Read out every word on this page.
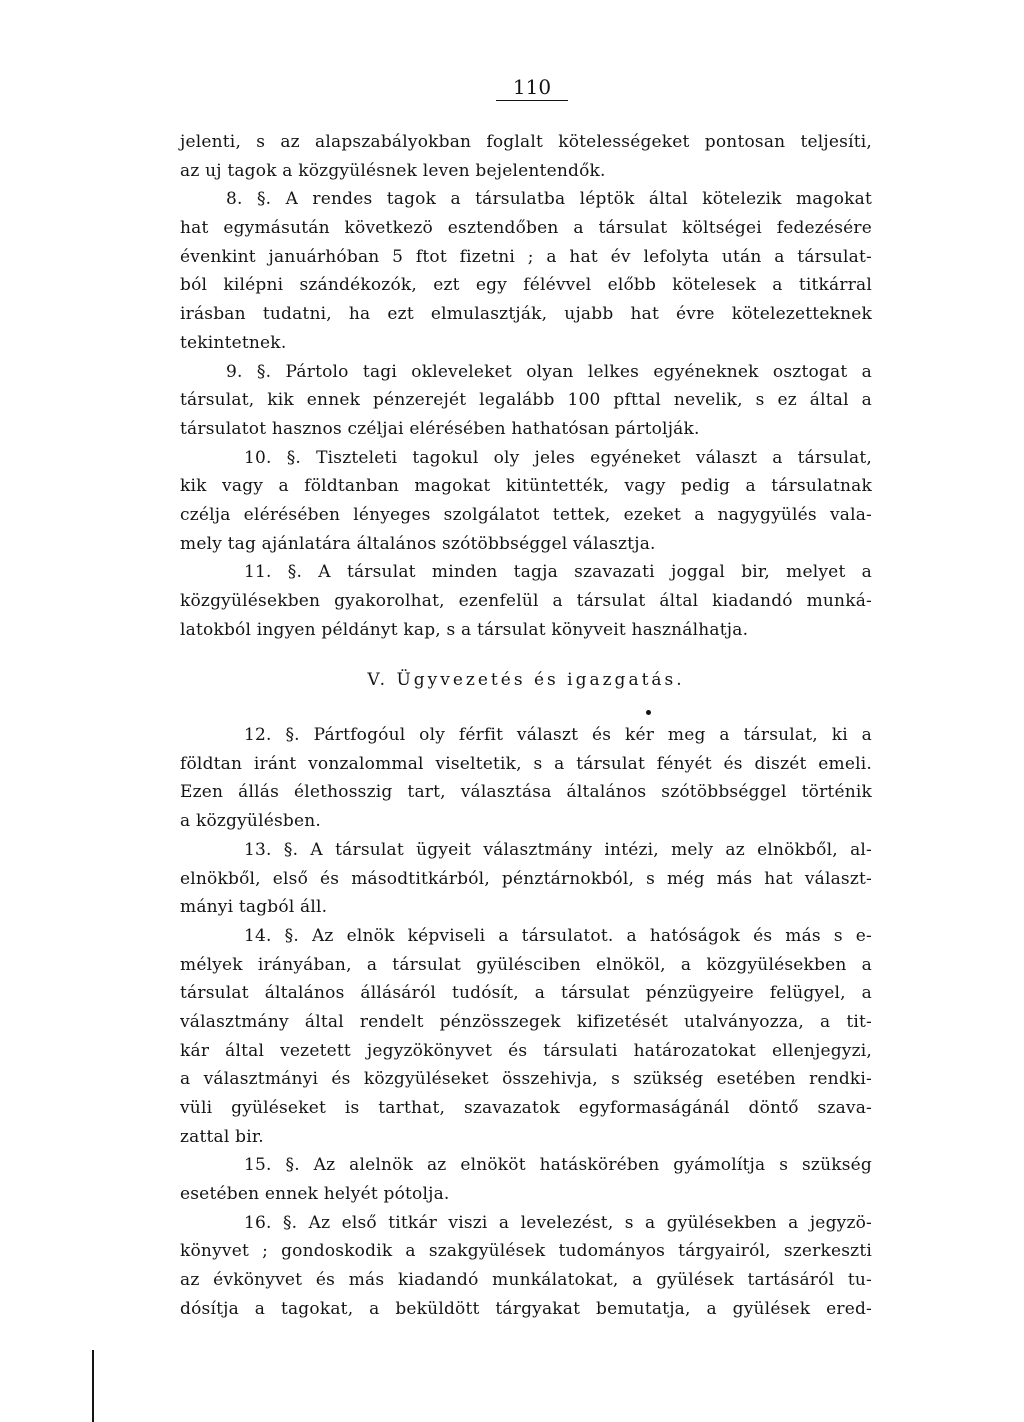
110
jelenti, s az alapszabályokban foglalt kötelességeket pontosan teljesíti,
az uj tagok a közgyülésnek leven bejelentendők.
8. §. A rendes tagok a társulatba léptök által kötelezik magokat
hat egymásután következö esztendőben a társulat költségei fedezésére
évenkint januárhóban 5 ftot fizetni ; a hat év lefolyta után a társulat-
ból kilépni szándékozók, ezt egy félévvel előbb kötelesek a titkárral
irásban tudatni, ha ezt elmulasztják, ujabb hat évre kötelezetteknek
tekintetnek.
9. §. Pártolo tagi okleveleket olyan lelkes egyéneknek osztogat a
társulat, kik ennek pénzerejét legalább 100 pfttal nevelik, s ez által a
társulatot hasznos czéljai elérésében hathatósan pártolják.
10. §. Tiszteleti tagokul oly jeles egyéneket választ a társulat,
kik vagy a földtanban magokat kitüntették, vagy pedig a társulatnak
czélja elérésében lényeges szolgálatot tettek, ezeket a nagygyülés vala-
mely tag ajánlatára általános szótöbbséggel választja.
11. §. A társulat minden tagja szavazati joggal bir, melyet a
közgyülésekben gyakorolhat, ezenfelül a társulat által kiadandó munká-
latokból ingyen példányt kap, s a társulat könyveit használhatja.
V. Ügyvezetés és igazgatás.
12. §. Pártfogóul oly férfit választ és kér meg a társulat, ki a
földtan iránt vonzalommal viseltetik, s a társulat fényét és diszét emeli.
Ezen állás élethosszig tart, választása általános szótöbbséggel történik
a közgyülésben.
13. §. A társulat ügyeit választmány intézi, mely az elnökből, al-
elnökből, első és másodtitkárból, pénztárnokból, s még más hat választ-
mányi tagból áll.
14. §. Az elnök képviseli a társulatot. a hatóságok és más s e-
mélyek irányában, a társulat gyülésciben elnököl, a közgyülésekben a
társulat általános állásáról tudósít, a társulat pénzügyeire felügyel, a
választmány által rendelt pénzösszegek kifizetését utalványozza, a tit-
kár által vezetett jegyzökönyvet és társulati határozatokat ellenjegyzi,
a választmányi és közgyüléseket összehivja, s szükség esetében rendki-
vüli gyüléseket is tarthat, szavazatok egyformaságánál döntő szava-
zattal bir.
15. §. Az alelnök az elnököt hatáskörében gyámolítja s szükség
esetében ennek helyét pótolja.
16. §. Az első titkár viszi a levelezést, s a gyülésekben a jegyzö-
könyvet ; gondoskodik a szakgyülések tudományos tárgyairól, szerkeszti
az évkönyvet és más kiadandó munkálatokat, a gyülések tartásáról tu-
dósítja a tagokat, a beküldött tárgyakat bemutatja, a gyülések ered-
